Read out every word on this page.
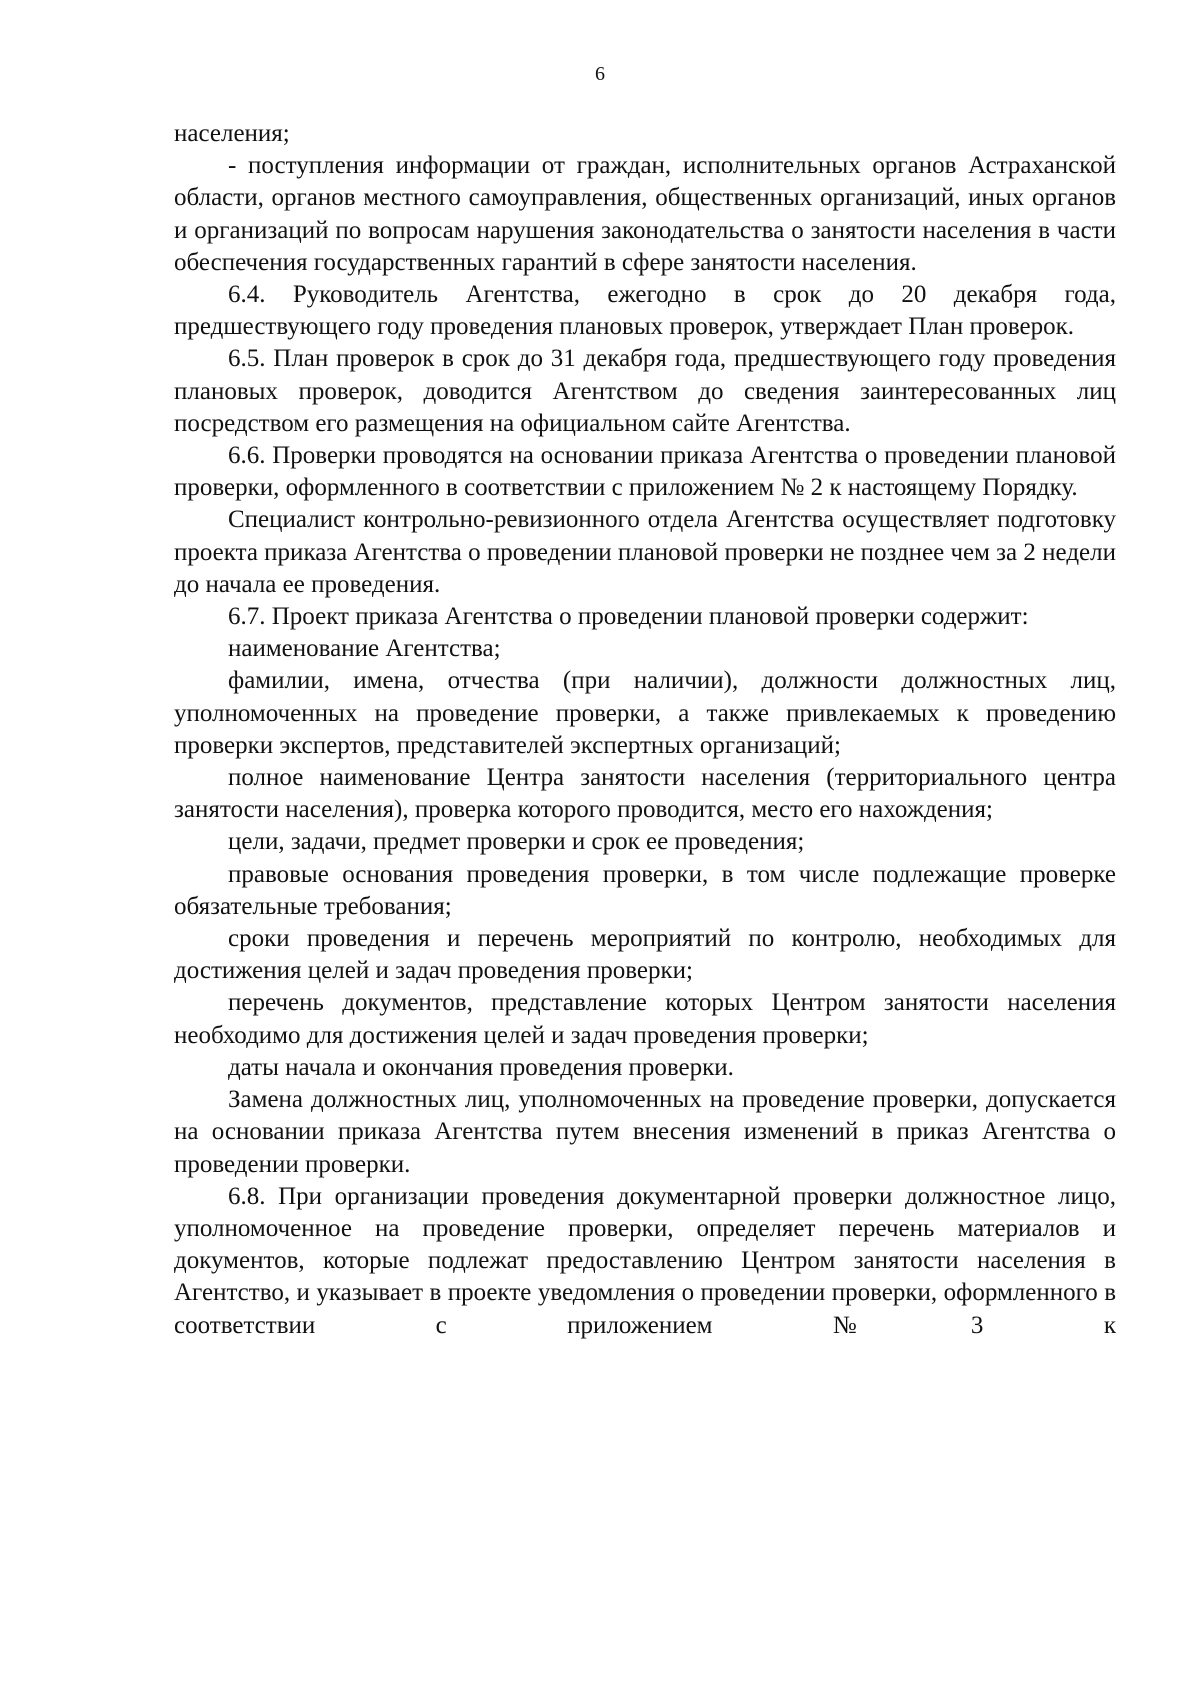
6

населения;

- поступления информации от граждан, исполнительных органов Астраханской области, органов местного самоуправления, общественных организаций, иных органов и организаций по вопросам нарушения законодательства о занятости населения в части обеспечения государственных гарантий в сфере занятости населения.

6.4. Руководитель Агентства, ежегодно в срок до 20 декабря года, предшествующего году проведения плановых проверок, утверждает План проверок.

6.5. План проверок в срок до 31 декабря года, предшествующего году проведения плановых проверок, доводится Агентством до сведения заинтересованных лиц посредством его размещения на официальном сайте Агентства.

6.6. Проверки проводятся на основании приказа Агентства о проведении плановой проверки, оформленного в соответствии с приложением № 2 к настоящему Порядку.

Специалист контрольно-ревизионного отдела Агентства осуществляет подготовку проекта приказа Агентства о проведении плановой проверки не позднее чем за 2 недели до начала ее проведения.

6.7. Проект приказа Агентства о проведении плановой проверки содержит:

наименование Агентства;

фамилии, имена, отчества (при наличии), должности должностных лиц, уполномоченных на проведение проверки, а также привлекаемых к проведению проверки экспертов, представителей экспертных организаций;

полное наименование Центра занятости населения (территориального центра занятости населения), проверка которого проводится, место его нахождения;

цели, задачи, предмет проверки и срок ее проведения;

правовые основания проведения проверки, в том числе подлежащие проверке обязательные требования;

сроки проведения и перечень мероприятий по контролю, необходимых для достижения целей и задач проведения проверки;

перечень документов, представление которых Центром занятости населения необходимо для достижения целей и задач проведения проверки;

даты начала и окончания проведения проверки.

Замена должностных лиц, уполномоченных на проведение проверки, допускается на основании приказа Агентства путем внесения изменений в приказ Агентства о проведении проверки.

6.8. При организации проведения документарной проверки должностное лицо, уполномоченное на проведение проверки, определяет перечень материалов и документов, которые подлежат предоставлению Центром занятости населения в Агентство, и указывает в проекте уведомления о проведении проверки, оформленного в соответствии с приложением №3 к
